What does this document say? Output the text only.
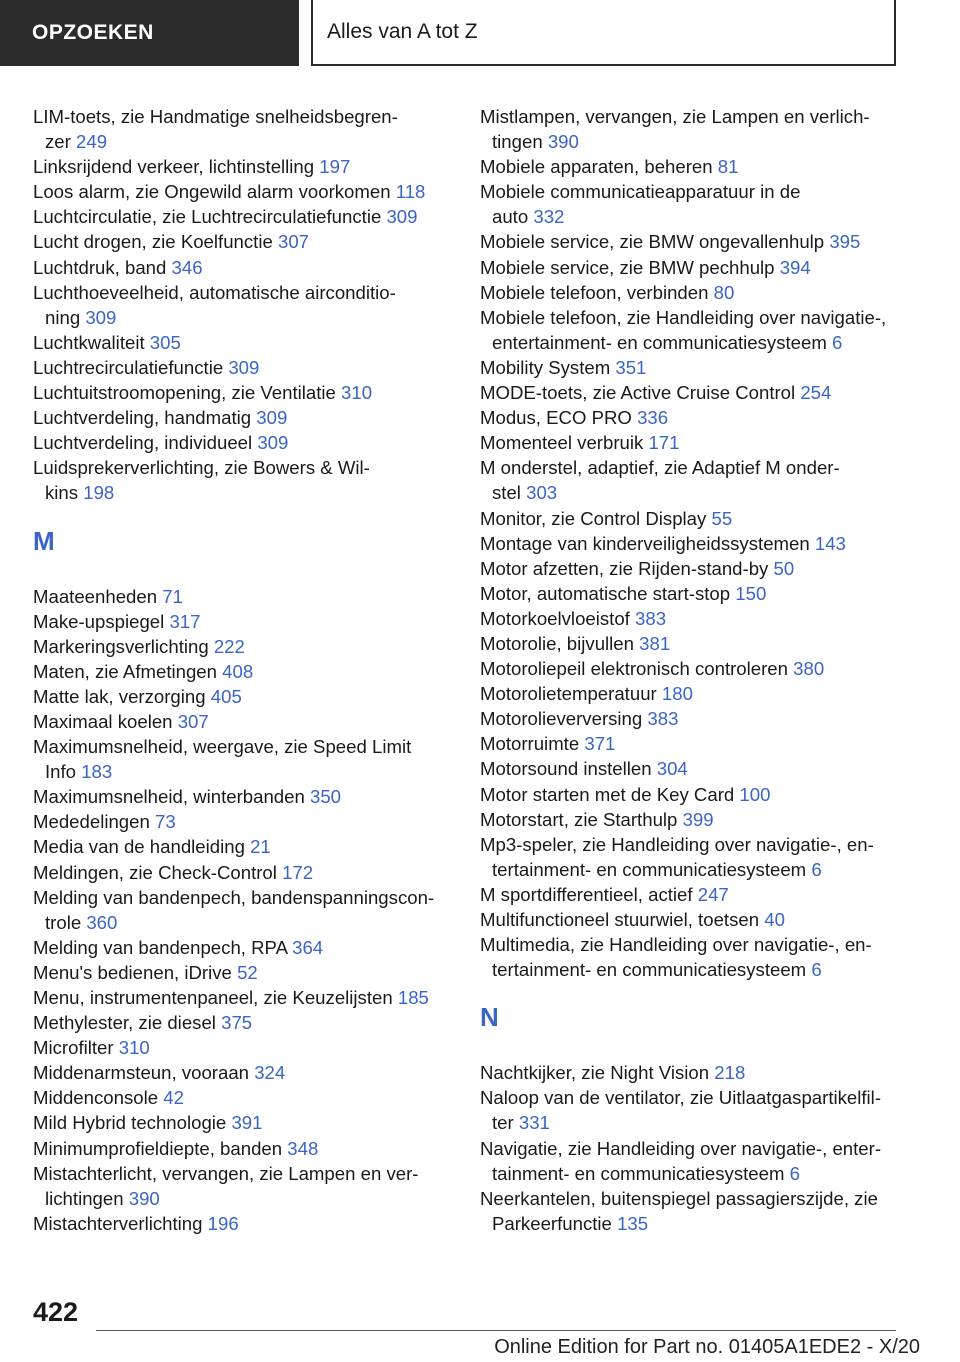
OPZOEKEN	Alles van A tot Z
LIM-toets, zie Handmatige snelheidsbegren-
zer 249
Linksrijdend verkeer, lichtinstelling 197
Loos alarm, zie Ongewild alarm voorkomen 118
Luchtcirculatie, zie Luchtrecirculatiefunctie 309
Lucht drogen, zie Koelfunctie 307
Luchtdruk, band 346
Luchthoeveelheid, automatische airconditio-
ning 309
Luchtkwaliteit 305
Luchtrecirculatiefunctie 309
Luchtuitstroomopening, zie Ventilatie 310
Luchtverdeling, handmatig 309
Luchtverdeling, individueel 309
Luidsprekerverlichting, zie Bowers & Wil-
kins 198
M
Maateenheden 71
Make-upspiegel 317
Markeringsverlichting 222
Maten, zie Afmetingen 408
Matte lak, verzorging 405
Maximaal koelen 307
Maximumsnelheid, weergave, zie Speed Limit
Info 183
Maximumsnelheid, winterbanden 350
Mededelingen 73
Media van de handleiding 21
Meldingen, zie Check-Control 172
Melding van bandenpech, bandenspanningscon-
trole 360
Melding van bandenpech, RPA 364
Menu's bedienen, iDrive 52
Menu, instrumentenpaneel, zie Keuzelijsten 185
Methylester, zie diesel 375
Microfilter 310
Middenarmsteun, vooraan 324
Middenconsole 42
Mild Hybrid technologie 391
Minimumprofieldiepte, banden 348
Mistachterlicht, vervangen, zie Lampen en ver-
lichtingen 390
Mistachterverlichting 196
Mistlampen, vervangen, zie Lampen en verlich-
tingen 390
Mobiele apparaten, beheren 81
Mobiele communicatieapparatuur in de
auto 332
Mobiele service, zie BMW ongevallenhulp 395
Mobiele service, zie BMW pechhulp 394
Mobiele telefoon, verbinden 80
Mobiele telefoon, zie Handleiding over navigatie-,
entertainment- en communicatiesysteem 6
Mobility System 351
MODE-toets, zie Active Cruise Control 254
Modus, ECO PRO 336
Momenteel verbruik 171
M onderstel, adaptief, zie Adaptief M onder-
stel 303
Monitor, zie Control Display 55
Montage van kinderveiligheidssystemen 143
Motor afzetten, zie Rijden-stand-by 50
Motor, automatische start-stop 150
Motorkoelvloeistof 383
Motorolie, bijvullen 381
Motoroliepeil elektronisch controleren 380
Motorolietemperatuur 180
Motorolieverversing 383
Motorruimte 371
Motorsound instellen 304
Motor starten met de Key Card 100
Motorstart, zie Starthulp 399
Mp3-speler, zie Handleiding over navigatie-, en-
tertainment- en communicatiesysteem 6
M sportdifferentieel, actief 247
Multifunctioneel stuurwiel, toetsen 40
Multimedia, zie Handleiding over navigatie-, en-
tertainment- en communicatiesysteem 6
N
Nachtkijker, zie Night Vision 218
Naloop van de ventilator, zie Uitlaatgaspartikelfil-
ter 331
Navigatie, zie Handleiding over navigatie-, enter-
tainment- en communicatiesysteem 6
Neerkantelen, buitenspiegel passagierszijde, zie
Parkeerfunctie 135
422
Online Edition for Part no. 01405A1EDE2 - X/20
